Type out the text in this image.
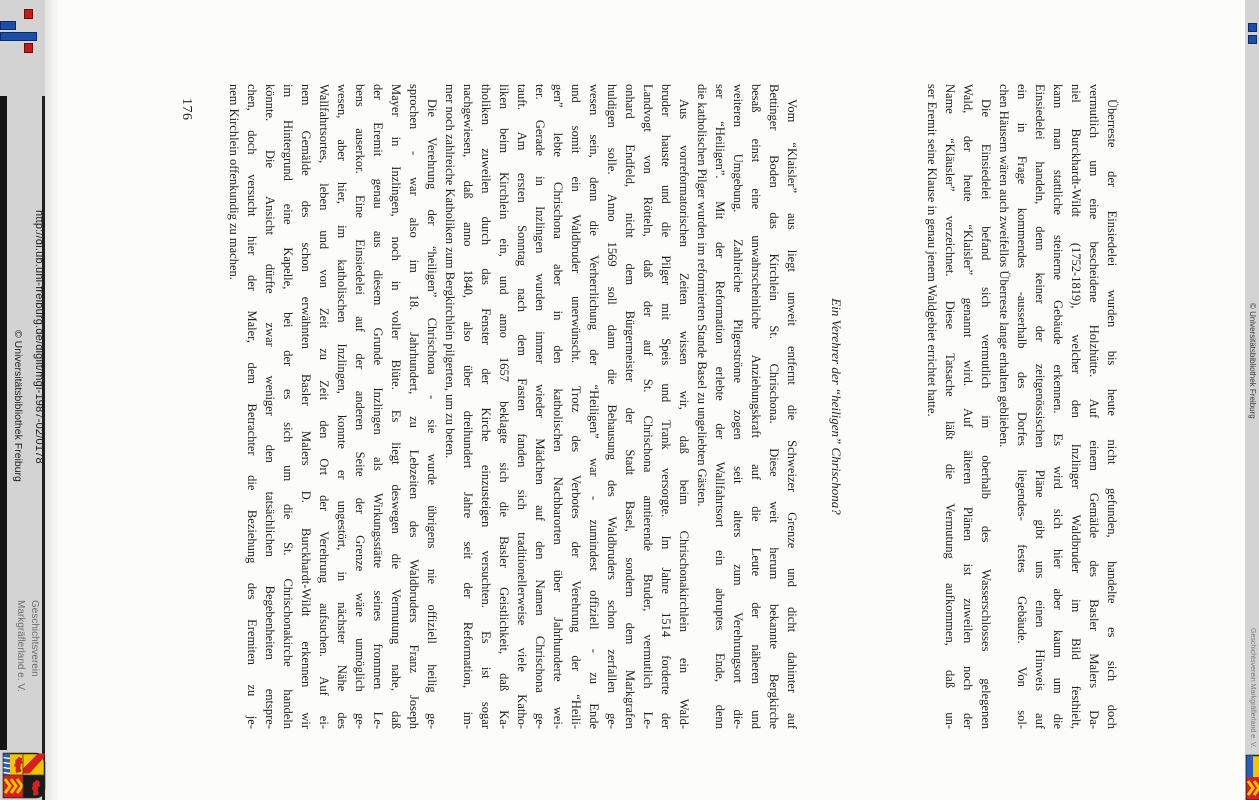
http://dl.ub.uni-freiburg.de/diglit/mgl-1987-02/0178
© Universitätsbibliothek Freiburg
Geschichtsverein
Markgräflerland e. V.
© Universitätsbibliothek Freiburg
Geschichtsverein Markgräflerland e. V.
Überreste der Einsiedelei wurden bis heute nicht gefunden, handelte es sich doch
vermutlich um eine bescheidene Holzhütte. Auf einem Gemälde des Basler Malers Da-
niel Burckhardt-Wildt (1752-1819), welcher den Inzlinger Waldbruder im Bild festhielt,
kann man stattliche steinerne Gebäude erkennen. Es wird sich hier aber kaum um die
Einsiedelei handeln, denn keiner der zeitgenössischen Pläne gibt uns einen Hinweis auf
ein in Frage kommendes -ausserhalb des Dorfes liegendes- festes Gebäude. Von sol-
chen Häusern wären auch zweifellos Überreste lange erhalten geblieben.
Die Einsiedelei befand sich vermutlich im oberhalb des Wasserschlosses gelegenen
Wald, der heute “Klaisler” genannt wird. Auf älteren Plänen ist zuweilen noch der
Name “Kläusler” verzeichnet. Diese Tatsache läßt die Vermutung aufkommen, daß un-
ser Eremit seine Klause in genau jenem Waldgebiet errichtet hatte.
Ein Verehrer der “heiligen” Chrischona?
Vom “Klaisler” aus liegt unweit entfernt die Schweizer Grenze und dicht dahinter auf
Bettinger Boden das Kirchlein St. Chrischona. Diese weit herum bekannte Bergkirche
besaß einst eine unwahrscheinliche Anziehungskraft auf die Leute der näheren und
weiteren Umgebung. Zahlreiche Pilgerströme zogen seit alters zum Verehrungsort die-
ser “Heiligen”. Mit der Reformation erlebte der Wallfahrtsort ein abruptes Ende, denn
die katholischen Pilger wurden im reformierten Stande Basel zu ungeliebten Gästen.
Aus vorreformatorischen Zeiten wissen wir, daß beim Chrischonakirchlein ein Wald-
bruder hauste und die Pilger mit Speis und Trank versorgte. Im Jahre 1514 forderte der
Landvogt von Rötteln, daß der auf St. Chrischona amtierende Bruder, vermutlich Le-
onhard Endfeld, nicht dem Bürgermeister der Stadt Basel, sondern dem Markgrafen
huldigen solle. Anno 1569 soll dann die Behausung des Waldbruders schon zerfallen ge-
wesen sein, denn die Verherrlichung der “Heiligen” war - zumindest offiziell - zu Ende
und somit ein Waldbruder unerwünscht. Trotz des Verbotes der Verehrung der “Heili-
gen” lebte Chrischona aber in den katholischen Nachbarorten über Jahrhunderte wei-
ter. Gerade in Inzlingen wurden immer wieder Mädchen auf den Namen Chrischona ge-
tauft. Am ersten Sonntag nach dem Fasten fanden sich traditionellerweise viele Katho-
liken beim Kirchlein ein, und anno 1657 beklagte sich die Basler Geistlichkeit, daß Ka-
tholiken zuweilen durch das Fenster der Kirche einzusteigen versuchten. Es ist sogar
nachgewiesen, daß anno 1840, also über dreihundert Jahre seit der Reformation, im-
mer noch zahlreiche Katholiken zum Bergkirchlein pilgerten, um zu beten.
Die Verehrung der “heiligen” Chrischona - sie wurde übrigens nie offiziell heilig ge-
sprochen - war also im 18. Jahrhundert, zu Lebzeiten des Waldbruders Franz Joseph
Mayer in Inzlingen, noch in voller Blüte. Es liegt deswegen die Vermutung nahe, daß
der Eremit genau aus diesem Grunde Inzlingen als Wirkungsstätte seines frommen Le-
bens auserkor. Eine Einsiedelei auf der anderen Seite der Grenze wäre unmöglich ge-
wesen, aber hier, im katholischen Inzlingen, konnte er ungestört, in nächster Nähe des
Wallfahrtsortes, leben und von Zeit zu Zeit den Ort der Verehrung aufsuchen. Auf ei-
nem Gemälde des schon erwähnten Basler Malers D. Burckhardt-Wildt erkennen wir
im Hintergrund eine Kapelle, bei der es sich um die St. Chrischonakirche handeln
könnte. Die Ansicht dürfte zwar weniger den tatsächlichen Begebenheiten entspre-
chen, doch versucht hier der Maler, dem Betrachter die Beziehung des Eremiten zu je-
nem Kirchlein offenkundig zu machen.
176
